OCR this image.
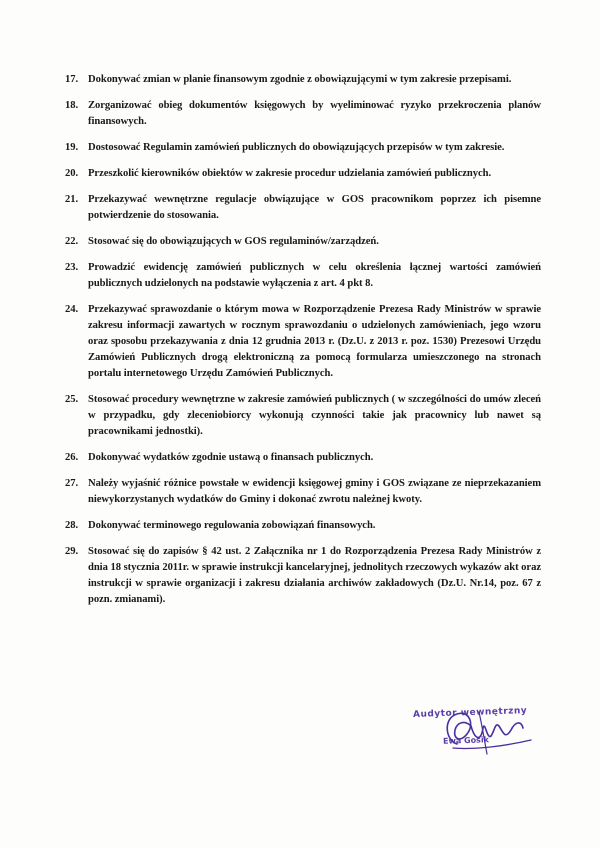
17. Dokonywać zmian w planie finansowym zgodnie z obowiązującymi w tym zakresie przepisami.
18. Zorganizować obieg dokumentów księgowych by wyeliminować ryzyko przekroczenia planów finansowych.
19. Dostosować Regulamin zamówień publicznych do obowiązujących przepisów w tym zakresie.
20. Przeszkolić kierowników obiektów w zakresie procedur udzielania zamówień publicznych.
21. Przekazywać wewnętrzne regulacje obwiązujące w GOS pracownikom poprzez ich pisemne potwierdzenie do stosowania.
22. Stosować się do obowiązujących w GOS regulaminów/zarządzeń.
23. Prowadzić ewidencję zamówień publicznych w celu określenia łącznej wartości zamówień publicznych udzielonych na podstawie wyłączenia z art. 4 pkt 8.
24. Przekazywać sprawozdanie o którym mowa w Rozporządzenie Prezesa Rady Ministrów w sprawie zakresu informacji zawartych w rocznym sprawozdaniu o udzielonych zamówieniach, jego wzoru oraz sposobu przekazywania z dnia 12 grudnia 2013 r. (Dz.U. z 2013 r. poz. 1530) Prezesowi Urzędu Zamówień Publicznych drogą elektroniczną za pomocą formularza umieszczonego na stronach portalu internetowego Urzędu Zamówień Publicznych.
25. Stosować procedury wewnętrzne w zakresie zamówień publicznych ( w szczególności do umów zleceń w przypadku, gdy zleceniobiorcy wykonują czynności takie jak pracownicy lub nawet są pracownikami jednostki).
26. Dokonywać wydatków zgodnie ustawą o finansach publicznych.
27. Należy wyjaśnić różnice powstałe w ewidencji księgowej gminy i GOS związane ze nieprzekazaniem niewykorzystanych wydatków do Gminy i dokonać zwrotu należnej kwoty.
28. Dokonywać terminowego regulowania zobowiązań finansowych.
29. Stosować się do zapisów § 42 ust. 2 Załącznika nr 1 do Rozporządzenia Prezesa Rady Ministrów z dnia 18 stycznia 2011r. w sprawie instrukcji kancelaryjnej, jednolitych rzeczowych wykazów akt oraz instrukcji w sprawie organizacji i zakresu działania archiwów zakładowych (Dz.U. Nr.14, poz. 67 z pozn. zmianami).
Audytor wewnętrzny
Ewa Gosik
